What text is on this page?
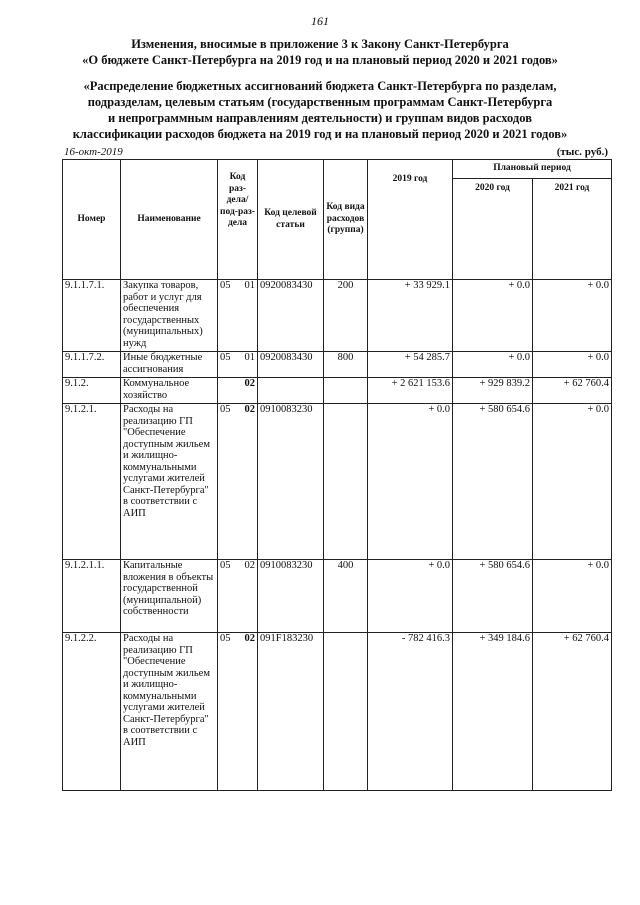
161
Изменения, вносимые в приложение 3 к Закону Санкт-Петербурга
«О бюджете Санкт-Петербурга на 2019 год и на плановый период 2020 и 2021 годов»
«Распределение бюджетных ассигнований бюджета Санкт-Петербурга по разделам,
подразделам, целевым статьям (государственным программам Санкт-Петербурга
и непрограммным направлениям деятельности) и группам видов расходов
классификации расходов бюджета на 2019 год и на плановый период 2020 и 2021 годов»
16-окт-2019	(тыс. руб.)
Номер	Наименование	Код раз-дела/ под-раз-дела	Код целевой статьи	Код вида расходов (группа)	2019 год	Плановый период	
						2020 год	2021 год
9.1.1.7.1.	Закупка товаров, работ и услуг для обеспечения государственных (муниципальных) нужд	05 01	0920083430	200	+ 33 929.1	+ 0.0	+ 0.0
9.1.1.7.2.	Иные бюджетные ассигнования	05 01	0920083430	800	+ 54 285.7	+ 0.0	+ 0.0
9.1.2.	Коммунальное хозяйство	02			+ 2 621 153.6	+ 929 839.2	+ 62 760.4
9.1.2.1.	Расходы на реализацию ГП "Обеспечение доступным жильем и жилищно-коммунальными услугами жителей Санкт-Петербурга" в соответствии с АИП	05 02	0910083230		+ 0.0	+ 580 654.6	+ 0.0
9.1.2.1.1.	Капитальные вложения в объекты государственной (муниципальной) собственности	05 02	0910083230	400	+ 0.0	+ 580 654.6	+ 0.0
9.1.2.2.	Расходы на реализацию ГП "Обеспечение доступным жильем и жилищно-коммунальными услугами жителей Санкт-Петербурга" в соответствии с АИП	05 02	091F183230		- 782 416.3	+ 349 184.6	+ 62 760.4
